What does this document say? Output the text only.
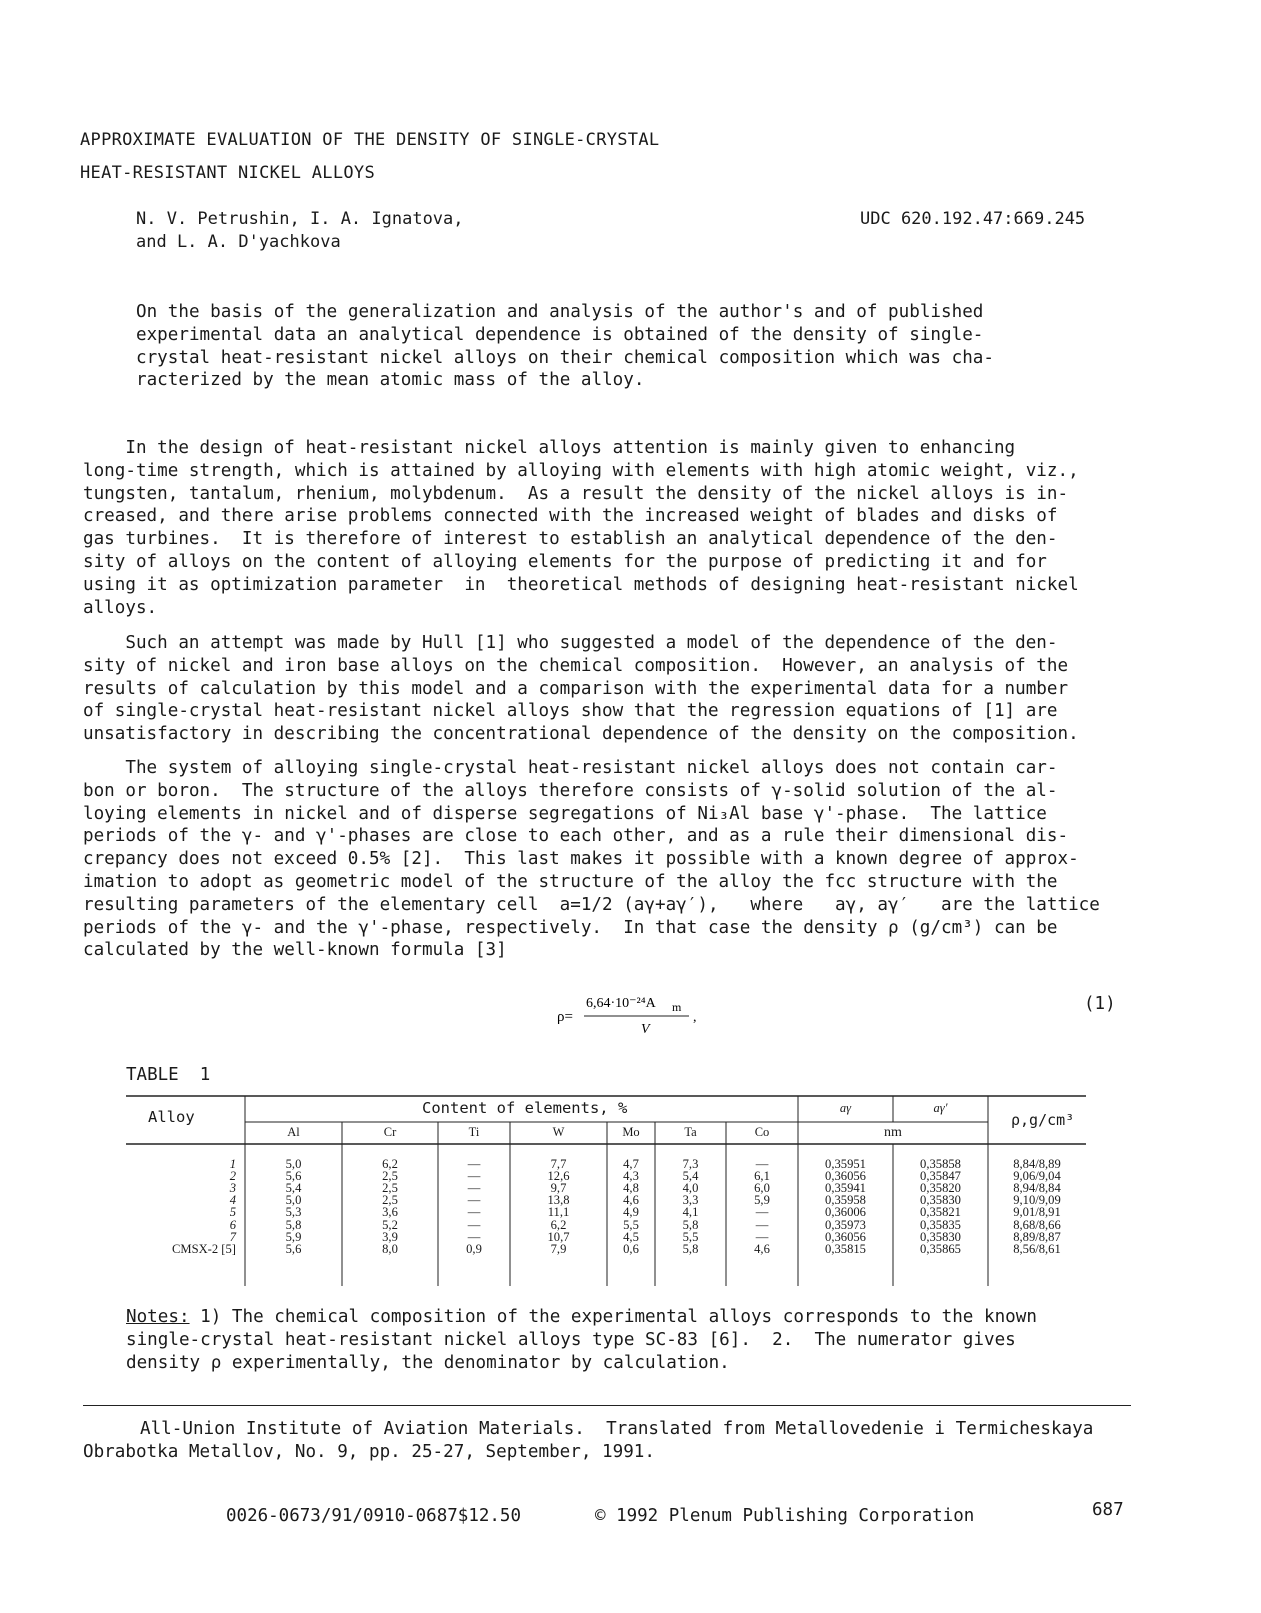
APPROXIMATE EVALUATION OF THE DENSITY OF SINGLE-CRYSTAL
HEAT-RESISTANT NICKEL ALLOYS
N. V. Petrushin, I. A. Ignatova,
and L. A. D'yachkova
UDC 620.192.47:669.245
On the basis of the generalization and analysis of the author's and of published
experimental data an analytical dependence is obtained of the density of single-
crystal heat-resistant nickel alloys on their chemical composition which was cha-
racterized by the mean atomic mass of the alloy.
In the design of heat-resistant nickel alloys attention is mainly given to enhancing
long-time strength, which is attained by alloying with elements with high atomic weight, viz.,
tungsten, tantalum, rhenium, molybdenum.  As a result the density of the nickel alloys is in-
creased, and there arise problems connected with the increased weight of blades and disks of
gas turbines.  It is therefore of interest to establish an analytical dependence of the den-
sity of alloys on the content of alloying elements for the purpose of predicting it and for
using it as optimization parameter  in  theoretical methods of designing heat-resistant nickel
alloys.
Such an attempt was made by Hull [1] who suggested a model of the dependence of the den-
sity of nickel and iron base alloys on the chemical composition.  However, an analysis of the
results of calculation by this model and a comparison with the experimental data for a number
of single-crystal heat-resistant nickel alloys show that the regression equations of [1] are
unsatisfactory in describing the concentrational dependence of the density on the composition.
The system of alloying single-crystal heat-resistant nickel alloys does not contain car-
bon or boron.  The structure of the alloys therefore consists of γ-solid solution of the al-
loying elements in nickel and of disperse segregations of Ni₃Al base γ'-phase.  The lattice
periods of the γ- and γ'-phases are close to each other, and as a rule their dimensional dis-
crepancy does not exceed 0.5% [2].  This last makes it possible with a known degree of approx-
imation to adopt as geometric model of the structure of the alloy the fcc structure with the
resulting parameters of the elementary cell  a=1/2 (aγ+aγ′),   where   aγ, aγ′   are the lattice
periods of the γ- and the γ'-phase, respectively.  In that case the density ρ (g/cm³) can be
calculated by the well-known formula [3]

ρ=
6,64·10⁻²⁴A m
V
,

(1)
TABLE  1
Alloy	Content of elements, %	aγ	aγ′
nm
ρ,g/cm³
Al	Cr	Ti	W	Mo	Ta	Co
1	5,0	6,2	—	7,7	4,7	7,3	—	0,35951	0,35858	8,84/8,89
2	5,6	2,5	—	12,6	4,3	5,4	6,1	0,36056	0,35847	9,06/9,04
3	5,4	2,5	—	9,7	4,8	4,0	6,0	0,35941	0,35820	8,94/8,84
4	5,0	2,5	—	13,8	4,6	3,3	5,9	0,35958	0,35830	9,10/9,09
5	5,3	3,6	—	11,1	4,9	4,1	—	0,36006	0,35821	9,01/8,91
6	5,8	5,2	—	6,2	5,5	5,8	—	0,35973	0,35835	8,68/8,66
7	5,9	3,9	—	10,7	4,5	5,5	—	0,36056	0,35830	8,89/8,87
CMSX-2 [5]	5,6	8,0	0,9	7,9	0,6	5,8	4,6	0,35815	0,35865	8,56/8,61
Notes: 1) The chemical composition of the experimental alloys corresponds to the known
single-crystal heat-resistant nickel alloys type SC-83 [6].  2.  The numerator gives
density ρ experimentally, the denominator by calculation.
All-Union Institute of Aviation Materials.  Translated from Metallovedenie i Termicheskaya
Obrabotka Metallov, No. 9, pp. 25-27, September, 1991.
0026-0673/91/0910-0687$12.50	© 1992 Plenum Publishing Corporation	687
